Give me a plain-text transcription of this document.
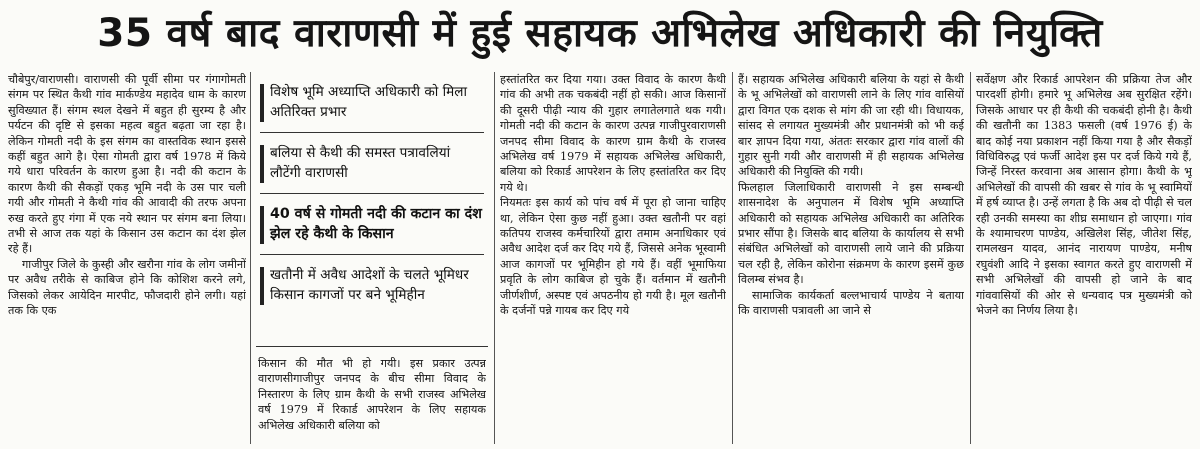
35 वर्ष बाद वाराणसी में हुई सहायक अभिलेख अधिकारी की नियुक्ति

चौबेपुर/वाराणसी। वाराणसी की पूर्वी सीमा पर गंगागोमती संगम पर स्थित कैथी गांव मार्कण्डेय महादेव धाम के कारण सुविख्यात हैं। संगम स्थल देखने में बहुत ही सुरम्य है और पर्यटन की दृष्टि से इसका महत्व बहुत बढ़ता जा रहा है। लेकिन गोमती नदी के इस संगम का वास्तविक स्थान इससे कहीं बहुत आगे है। ऐसा गोमती द्वारा वर्ष 1978 में किये गये धारा परिवर्तन के कारण हुआ है। नदी की कटान के कारण कैथी की सैकड़ों एकड़ भूमि नदी के उस पार चली गयी और गोमती ने कैथी गांव की आवादी की तरफ अपना रुख करते हुए गंगा में एक नये स्थान पर संगम बना लिया। तभी से आज तक यहां के किसान उस कटान का दंश झेल रहे हैं।

गाजीपुर जिले के कुस्ही और खरौना गांव के लोग जमीनों पर अवैध तरीके से काबिज होने कि कोशिश करने लगे, जिसको लेकर आयेदिन मारपीट, फौजदारी होने लगी। यहां तक कि एक

विशेष भूमि अध्याप्ति अधिकारी को मिला अतिरिक्त प्रभार
बलिया से कैथी की समस्त पत्रावलियां लौटेंगी वाराणसी
40 वर्ष से गोमती नदी की कटान का दंश झेल रहे कैथी के किसान
खतौनी में अवैध आदेशों के चलते भूमिधर किसान कागजों पर बने भूमिहीन

किसान की मौत भी हो गयी। इस प्रकार उत्पन्न वाराणसीगाजीपुर जनपद के बीच सीमा विवाद के निस्तारण के लिए ग्राम कैथी के सभी राजस्व अभिलेख वर्ष 1979 में रिकार्ड आपरेशन के लिए सहायक अभिलेख अधिकारी बलिया को

हस्तांतरित कर दिया गया। उक्त विवाद के कारण कैथी गांव की अभी तक चकबंदी नहीं हो सकी। आज किसानों की दूसरी पीढ़ी न्याय की गुहार लगातेलगाते थक गयी। गोमती नदी की कटान के कारण उत्पन्न गाजीपुरवाराणसी जनपद सीमा विवाद के कारण ग्राम कैथी के राजस्व अभिलेख वर्ष 1979 में सहायक अभिलेख अधिकारी, बलिया को रिकार्ड आपरेशन के लिए हस्तांतरित कर दिए गये थे।

नियमतः इस कार्य को पांच वर्ष में पूरा हो जाना चाहिए था, लेकिन ऐसा कुछ नहीं हुआ। उक्त खतौनी पर वहां कतिपय राजस्व कर्मचारियों द्वारा तमाम अनाधिकार एवं अवैध आदेश दर्ज कर दिए गये हैं, जिससे अनेक भूस्वामी आज कागजों पर भूमिहीन हो गये हैं। वहीं भूमाफिया प्रवृति के लोग काबिज हो चुके हैं। वर्तमान में खतौनी जीर्णशीर्ण, अस्पष्ट एवं अपठनीय हो गयी है। मूल खतौनी के दर्जनों पन्ने गायब कर दिए गये

हैं। सहायक अभिलेख अधिकारी बलिया के यहां से कैथी के भू अभिलेखों को वाराणसी लाने के लिए गांव वासियों द्वारा विगत एक दशक से मांग की जा रही थी। विधायक, सांसद से लगायत मुख्यमंत्री और प्रधानमंत्री को भी कई बार ज्ञापन दिया गया, अंततः सरकार द्वारा गांव वालों की गुहार सुनी गयी और वाराणसी में ही सहायक अभिलेख अधिकारी की नियुक्ति की गयी।

फिलहाल जिलाधिकारी वाराणसी ने इस सम्बन्धी शासनादेश के अनुपालन में विशेष भूमि अध्याप्ति अधिकारी को सहायक अभिलेख अधिकारी का अतिरिक प्रभार सौंपा है। जिसके बाद बलिया के कार्यालय से सभी संबंधित अभिलेखों को वाराणसी लाये जाने की प्रक्रिया चल रही है, लेकिन कोरोना संक्रमण के कारण इसमें कुछ विलम्ब संभव है।

सामाजिक कार्यकर्ता बल्लभाचार्य पाण्डेय ने बताया कि वाराणसी पत्रावली आ जाने से

सर्वेक्षण और रिकार्ड आपरेशन की प्रक्रिया तेज और पारदर्शी होगी। हमारे भू अभिलेख अब सुरक्षित रहेंगे। जिसके आधार पर ही कैथी की चकबंदी होनी है। कैथी की खतौनी का 1383 फसली (वर्ष 1976 ई) के बाद कोई नया प्रकाशन नहीं किया गया है और सैकड़ों विधिविरुद्ध एवं फर्जी आदेश इस पर दर्ज किये गये हैं, जिन्हें निरस्त करवाना अब आसान होगा। कैथी के भू अभिलेखों की वापसी की खबर से गांव के भू स्वामियों में हर्ष व्याप्त है। उन्हें लगता है कि अब दो पीढ़ी से चल रही उनकी समस्या का शीघ्र समाधान हो जाएगा। गांव के श्यामाचरण पाण्डेय, अखिलेश सिंह, जीतेश सिंह, रामलखन यादव, आनंद नारायण पाण्डेय, मनीष रघुवंशी आदि ने इसका स्वागत करते हुए वाराणसी में सभी अभिलेखों की वापसी हो जाने के बाद गांववासियों की ओर से धन्यवाद पत्र मुख्यमंत्री को भेजने का निर्णय लिया है।
